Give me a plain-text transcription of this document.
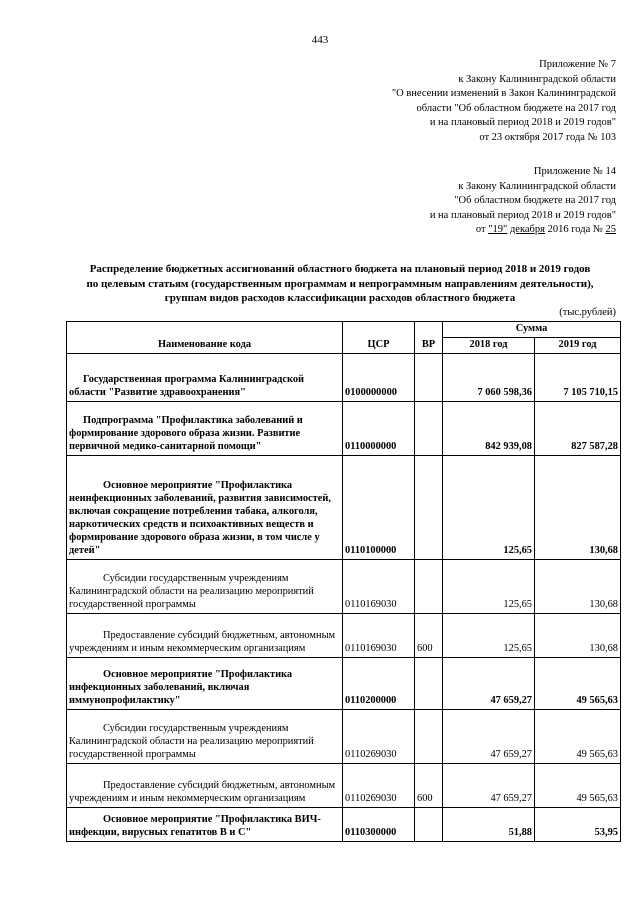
443
Приложение № 7
к Закону Калининградской области
"О внесении изменений в Закон Калининградской
области "Об областном бюджете на 2017 год
и на плановый период 2018 и 2019 годов"
от 23 октября 2017 года № 103
Приложение № 14
к Закону Калининградской области
"Об областном бюджете на 2017 год
и на плановый период 2018 и 2019 годов"
от "19" декабря 2016 года № 25
Распределение бюджетных ассигнований областного бюджета на плановый период 2018 и 2019 годов
по целевым статьям (государственным программам и непрограммным направлениям деятельности),
группам видов расходов классификации расходов областного бюджета
(тыс.рублей)
Наименование кода	ЦСР	ВР	Сумма	
			2018 год	2019 год
Государственная программа Калининградской области "Развитие здравоохранения"	0100000000		7 060 598,36	7 105 710,15
Подпрограмма "Профилактика заболеваний и формирование здорового образа жизни. Развитие первичной медико-санитарной помощи"	0110000000		842 939,08	827 587,28
Основное мероприятие "Профилактика неинфекционных заболеваний, развития зависимостей, включая сокращение потребления табака, алкоголя, наркотических средств и психоактивных веществ и формирование здорового образа жизни, в том числе у детей"	0110100000		125,65	130,68
Субсидии государственным учреждениям Калининградской области на реализацию мероприятий государственной программы	0110169030		125,65	130,68
Предоставление субсидий бюджетным, автономным учреждениям и иным некоммерческим организациям	0110169030	600	125,65	130,68
Основное мероприятие "Профилактика инфекционных заболеваний, включая иммунопрофилактику"	0110200000		47 659,27	49 565,63
Субсидии государственным учреждениям Калининградской области на реализацию мероприятий государственной программы	0110269030		47 659,27	49 565,63
Предоставление субсидий бюджетным, автономным учреждениям и иным некоммерческим организациям	0110269030	600	47 659,27	49 565,63
Основное мероприятие "Профилактика ВИЧ-инфекции, вирусных гепатитов В и С"	0110300000		51,88	53,95
